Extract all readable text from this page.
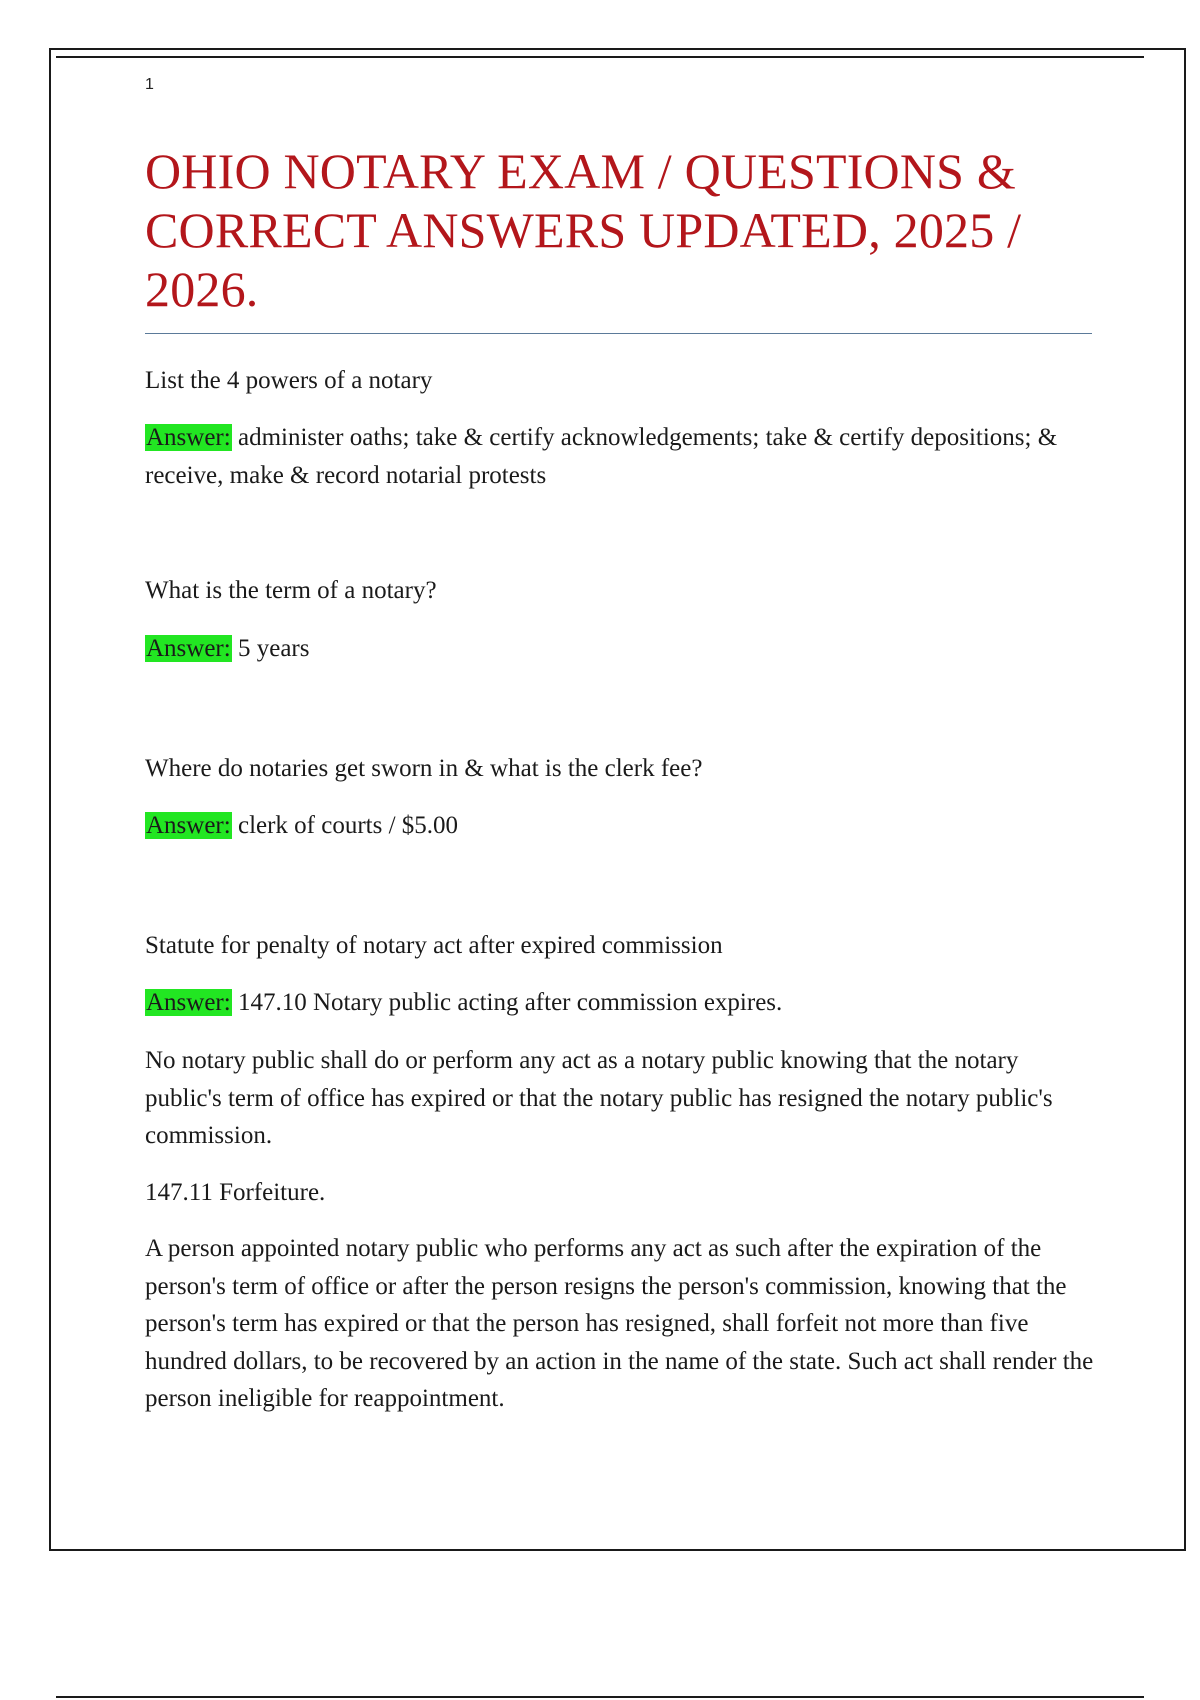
1
OHIO NOTARY EXAM / QUESTIONS & CORRECT ANSWERS UPDATED, 2025 / 2026.

List the 4 powers of a notary

Answer: administer oaths; take & certify acknowledgements; take & certify depositions; & receive, make & record notarial protests

What is the term of a notary?

Answer: 5 years

Where do notaries get sworn in & what is the clerk fee?

Answer: clerk of courts / $5.00

Statute for penalty of notary act after expired commission

Answer: 147.10 Notary public acting after commission expires.

No notary public shall do or perform any act as a notary public knowing that the notary public's term of office has expired or that the notary public has resigned the notary public's commission.

147.11 Forfeiture.

A person appointed notary public who performs any act as such after the expiration of the person's term of office or after the person resigns the person's commission, knowing that the person's term has expired or that the person has resigned, shall forfeit not more than five hundred dollars, to be recovered by an action in the name of the state. Such act shall render the person ineligible for reappointment.
